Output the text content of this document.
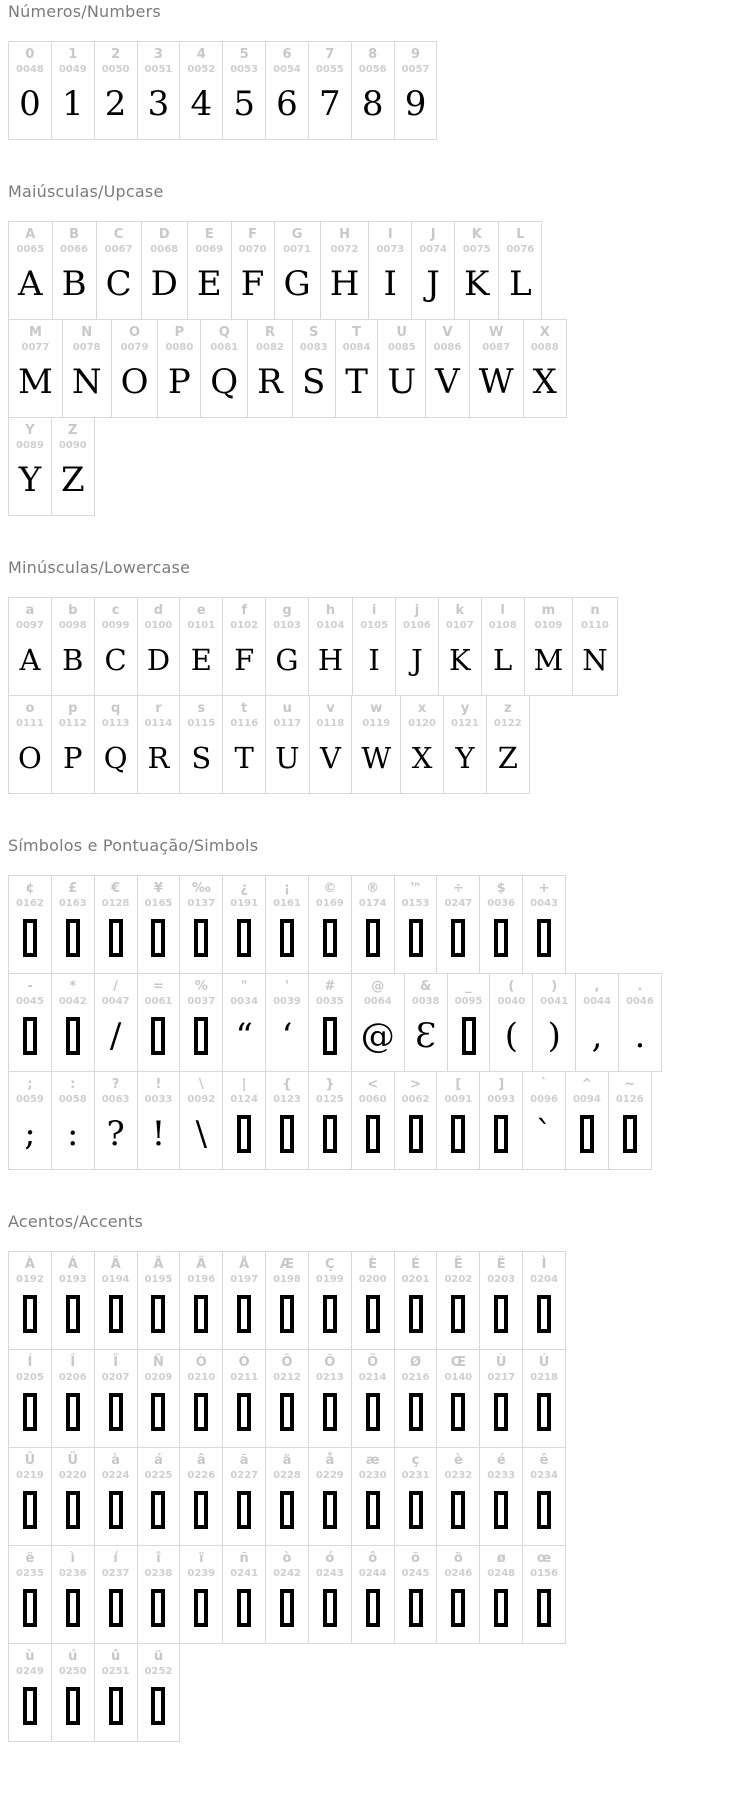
Números/Numbers
0
0048
0
1
0049
1
2
0050
2
3
0051
3
4
0052
4
5
0053
5
6
0054
6
7
0055
7
8
0056
8
9
0057
9
Maiúsculas/Upcase
A
0065
A
B
0066
B
C
0067
C
D
0068
D
E
0069
E
F
0070
F
G
0071
G
H
0072
H
I
0073
I
J
0074
J
K
0075
K
L
0076
L
M
0077
M
N
0078
N
O
0079
O
P
0080
P
Q
0081
Q
R
0082
R
S
0083
S
T
0084
T
U
0085
U
V
0086
V
W
0087
W
X
0088
X
Y
0089
Y
Z
0090
Z
Minúsculas/Lowercase
a
0097
A
b
0098
B
c
0099
C
d
0100
D
e
0101
E
f
0102
F
g
0103
G
h
0104
H
i
0105
I
j
0106
J
k
0107
K
l
0108
L
m
0109
M
n
0110
N
o
0111
O
p
0112
P
q
0113
Q
r
0114
R
s
0115
S
t
0116
T
u
0117
U
v
0118
V
w
0119
W
x
0120
X
y
0121
Y
z
0122
Z
Símbolos e Pontuação/Simbols
¢
0162
£
0163
€
0128
¥
0165
‰
0137
¿
0191
¡
0161
©
0169
®
0174
™
0153
÷
0247
$
0036
+
0043
-
0045
*
0042
/
0047
/
=
0061
%
0037
"
0034
“
'
0039
‘
#
0035
@
0064
@
&
0038
Ɛ
_
0095
(
0040
(
)
0041
)
,
0044
,
.
0046
.
;
0059
;
:
0058
:
?
0063
?
!
0033
!
\
0092
\
|
0124
{
0123
}
0125
<
0060
>
0062
[
0091
]
0093
`
0096
`
^
0094
~
0126
Acentos/Accents
À
0192
Á
0193
Â
0194
Ã
0195
Ä
0196
Å
0197
Æ
0198
Ç
0199
È
0200
É
0201
Ê
0202
Ë
0203
Ì
0204
Í
0205
Î
0206
Ï
0207
Ñ
0209
Ò
0210
Ó
0211
Ô
0212
Õ
0213
Ö
0214
Ø
0216
Œ
0140
Ù
0217
Ú
0218
Û
0219
Ü
0220
à
0224
á
0225
â
0226
ã
0227
ä
0228
å
0229
æ
0230
ç
0231
è
0232
é
0233
ê
0234
ë
0235
ì
0236
í
0237
î
0238
ï
0239
ñ
0241
ò
0242
ó
0243
ô
0244
õ
0245
ö
0246
ø
0248
œ
0156
ù
0249
ú
0250
û
0251
ü
0252
